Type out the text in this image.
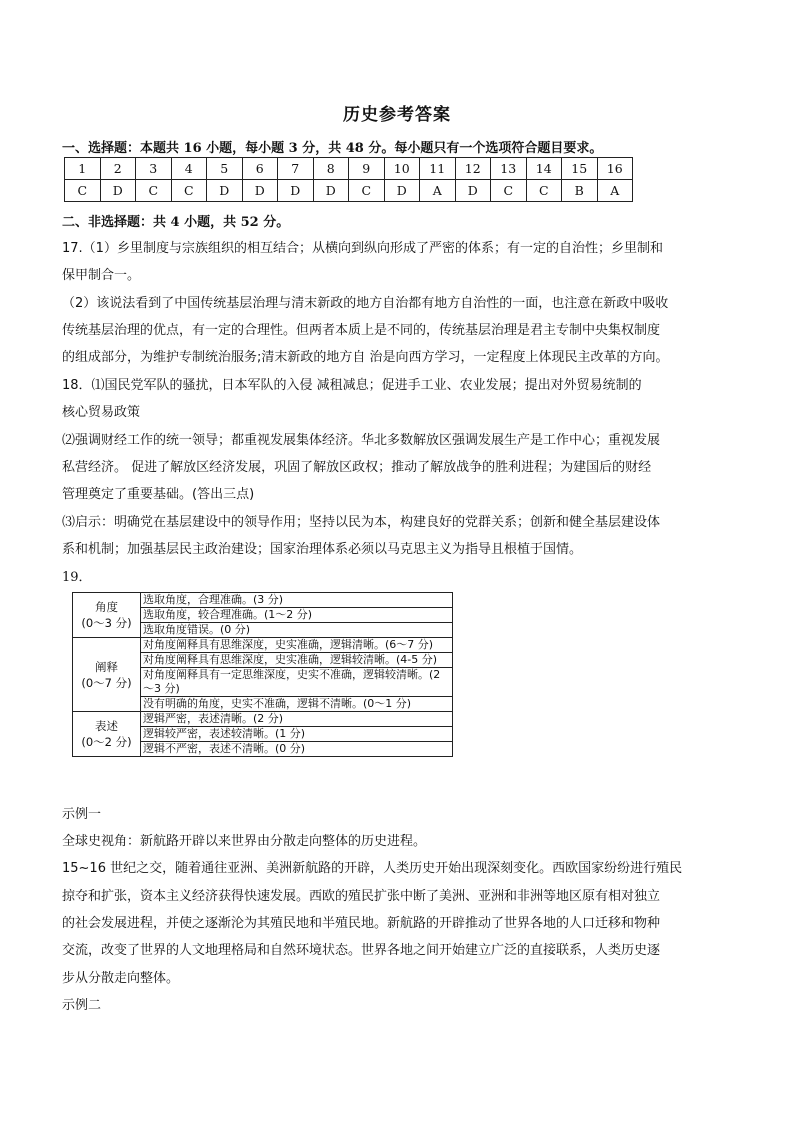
历史参考答案
一、选择题：本题共 16 小题，每小题 3 分，共 48 分。每小题只有一个选项符合题目要求。
1	2	3	4	5	6	7	8	9	10	11	12	13	14	15	16
C	D	C	C	D	D	D	D	C	D	A	D	C	C	B	A
二、非选择题：共 4 小题，共 52 分。
17.（1）乡里制度与宗族组织的相互结合；从横向到纵向形成了严密的体系；有一定的自治性；乡里制和
保甲制合一。
（2）该说法看到了中国传统基层治理与清末新政的地方自治都有地方自治性的一面，也注意在新政中吸收
传统基层治理的优点，有一定的合理性。但两者本质上是不同的，传统基层治理是君主专制中央集权制度
的组成部分，为维护专制统治服务;清末新政的地方自 治是向西方学习，一定程度上体现民主改革的方向。
18．⑴国民党军队的骚扰，日本军队的入侵 减租减息；促进手工业、农业发展；提出对外贸易统制的
核心贸易政策
⑵强调财经工作的统一领导；都重视发展集体经济。华北多数解放区强调发展生产是工作中心；重视发展
私营经济。 促进了解放区经济发展，巩固了解放区政权；推动了解放战争的胜利进程；为建国后的财经
管理奠定了重要基础。(答出三点)
⑶启示：明确党在基层建设中的领导作用；坚持以民为本，构建良好的党群关系；创新和健全基层建设体
系和机制；加强基层民主政治建设；国家治理体系必须以马克思主义为指导且根植于国情。
19．
角度
(0～3 分)	选取角度，合理准确。(3 分)
	选取角度，较合理准确。(1～2 分)
	选取角度错误。(0 分)
阐释
(0～7 分)	对角度阐释具有思维深度，史实准确，逻辑清晰。(6～7 分)
	对角度阐释具有思维深度，史实准确，逻辑较清晰。(4-5 分)
	对角度阐释具有一定思维深度，史实不准确，逻辑较清晰。(2～3 分)
	没有明确的角度，史实不准确，逻辑不清晰。(0～1 分)
表述
(0～2 分)	逻辑严密，表述清晰。(2 分)
	逻辑较严密，表述较清晰。(1 分)
	逻辑不严密，表述不清晰。(0 分)
示例一
全球史视角：新航路开辟以来世界由分散走向整体的历史进程。
15~16 世纪之交，随着通往亚洲、美洲新航路的开辟，人类历史开始出现深刻变化。西欧国家纷纷进行殖民
掠夺和扩张，资本主义经济获得快速发展。西欧的殖民扩张中断了美洲、亚洲和非洲等地区原有相对独立
的社会发展进程，并使之逐渐沦为其殖民地和半殖民地。新航路的开辟推动了世界各地的人口迁移和物种
交流，改变了世界的人文地理格局和自然环境状态。世界各地之间开始建立广泛的直接联系，人类历史逐
步从分散走向整体。
示例二
